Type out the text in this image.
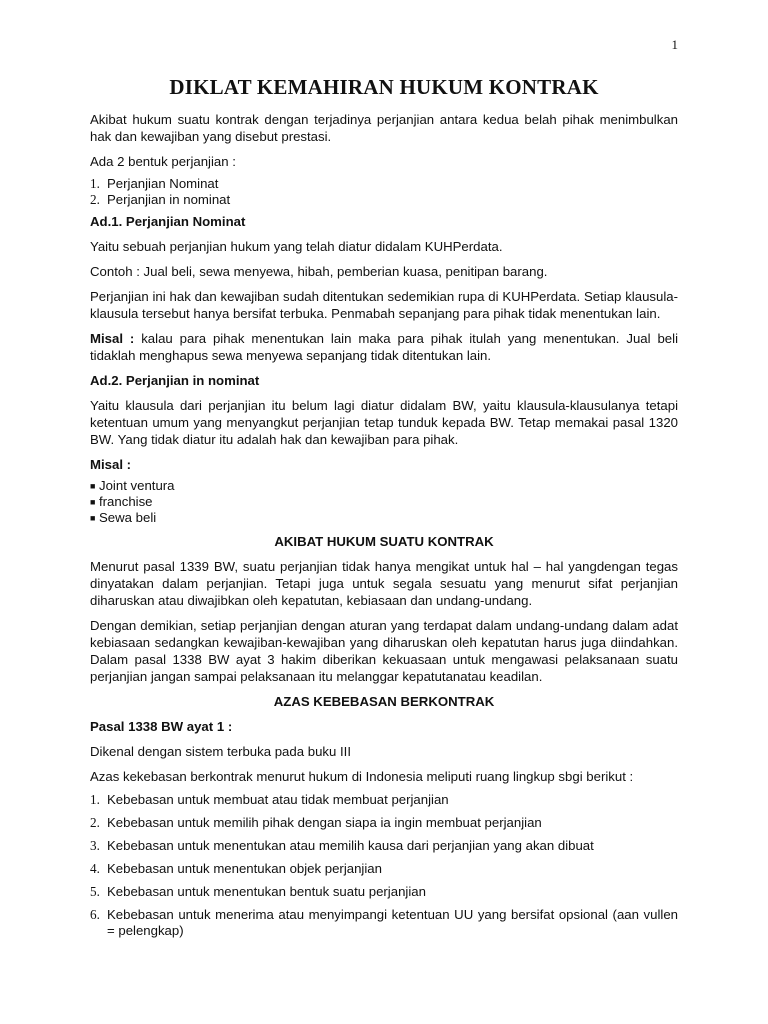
1
DIKLAT KEMAHIRAN HUKUM KONTRAK

Akibat hukum suatu kontrak dengan terjadinya perjanjian antara kedua belah pihak menimbulkan hak dan kewajiban yang disebut prestasi.

Ada 2 bentuk perjanjian :

1. Perjanjian Nominat
2. Perjanjian in nominat

Ad.1. Perjanjian Nominat

Yaitu sebuah perjanjian hukum yang telah diatur didalam KUHPerdata.

Contoh : Jual beli, sewa menyewa, hibah, pemberian kuasa, penitipan barang.

Perjanjian ini hak dan kewajiban sudah ditentukan sedemikian rupa di KUHPerdata. Setiap klausula-klausula tersebut hanya bersifat terbuka. Penmabah sepanjang para pihak tidak menentukan lain.

Misal : kalau para pihak menentukan lain maka para pihak itulah yang menentukan. Jual beli tidaklah menghapus sewa menyewa sepanjang tidak ditentukan lain.

Ad.2. Perjanjian in nominat

Yaitu klausula dari perjanjian itu belum lagi diatur didalam BW, yaitu klausula-klausulanya tetapi ketentuan umum yang menyangkut perjanjian tetap tunduk kepada BW. Tetap memakai pasal 1320 BW. Yang tidak diatur itu adalah hak dan kewajiban para pihak.

Misal :

■ Joint ventura
■ franchise
■ Sewa beli

AKIBAT HUKUM SUATU KONTRAK

Menurut pasal 1339 BW, suatu perjanjian tidak hanya mengikat untuk hal – hal yangdengan tegas dinyatakan dalam perjanjian. Tetapi juga untuk segala sesuatu yang menurut sifat perjanjian diharuskan atau diwajibkan oleh kepatutan, kebiasaan dan undang-undang.

Dengan demikian, setiap perjanjian dengan aturan yang terdapat dalam undang-undang dalam adat kebiasaan sedangkan kewajiban-kewajiban yang diharuskan oleh kepatutan harus juga diindahkan. Dalam pasal 1338 BW ayat 3 hakim diberikan kekuasaan untuk mengawasi pelaksanaan suatu perjanjian jangan sampai pelaksanaan itu melanggar kepatutanatau keadilan.

AZAS KEBEBASAN BERKONTRAK

Pasal 1338 BW ayat 1 :

Dikenal dengan sistem terbuka pada buku III

Azas kekebasan berkontrak menurut hukum di Indonesia meliputi ruang lingkup sbgi berikut :

1. Kebebasan untuk membuat atau tidak membuat perjanjian
2. Kebebasan untuk memilih pihak dengan siapa ia ingin membuat perjanjian
3. Kebebasan untuk menentukan atau memilih kausa dari perjanjian yang akan dibuat
4. Kebebasan untuk menentukan objek perjanjian
5. Kebebasan untuk menentukan bentuk suatu perjanjian
6. Kebebasan untuk menerima atau menyimpangi ketentuan UU yang bersifat opsional (aan vullen = pelengkap)
